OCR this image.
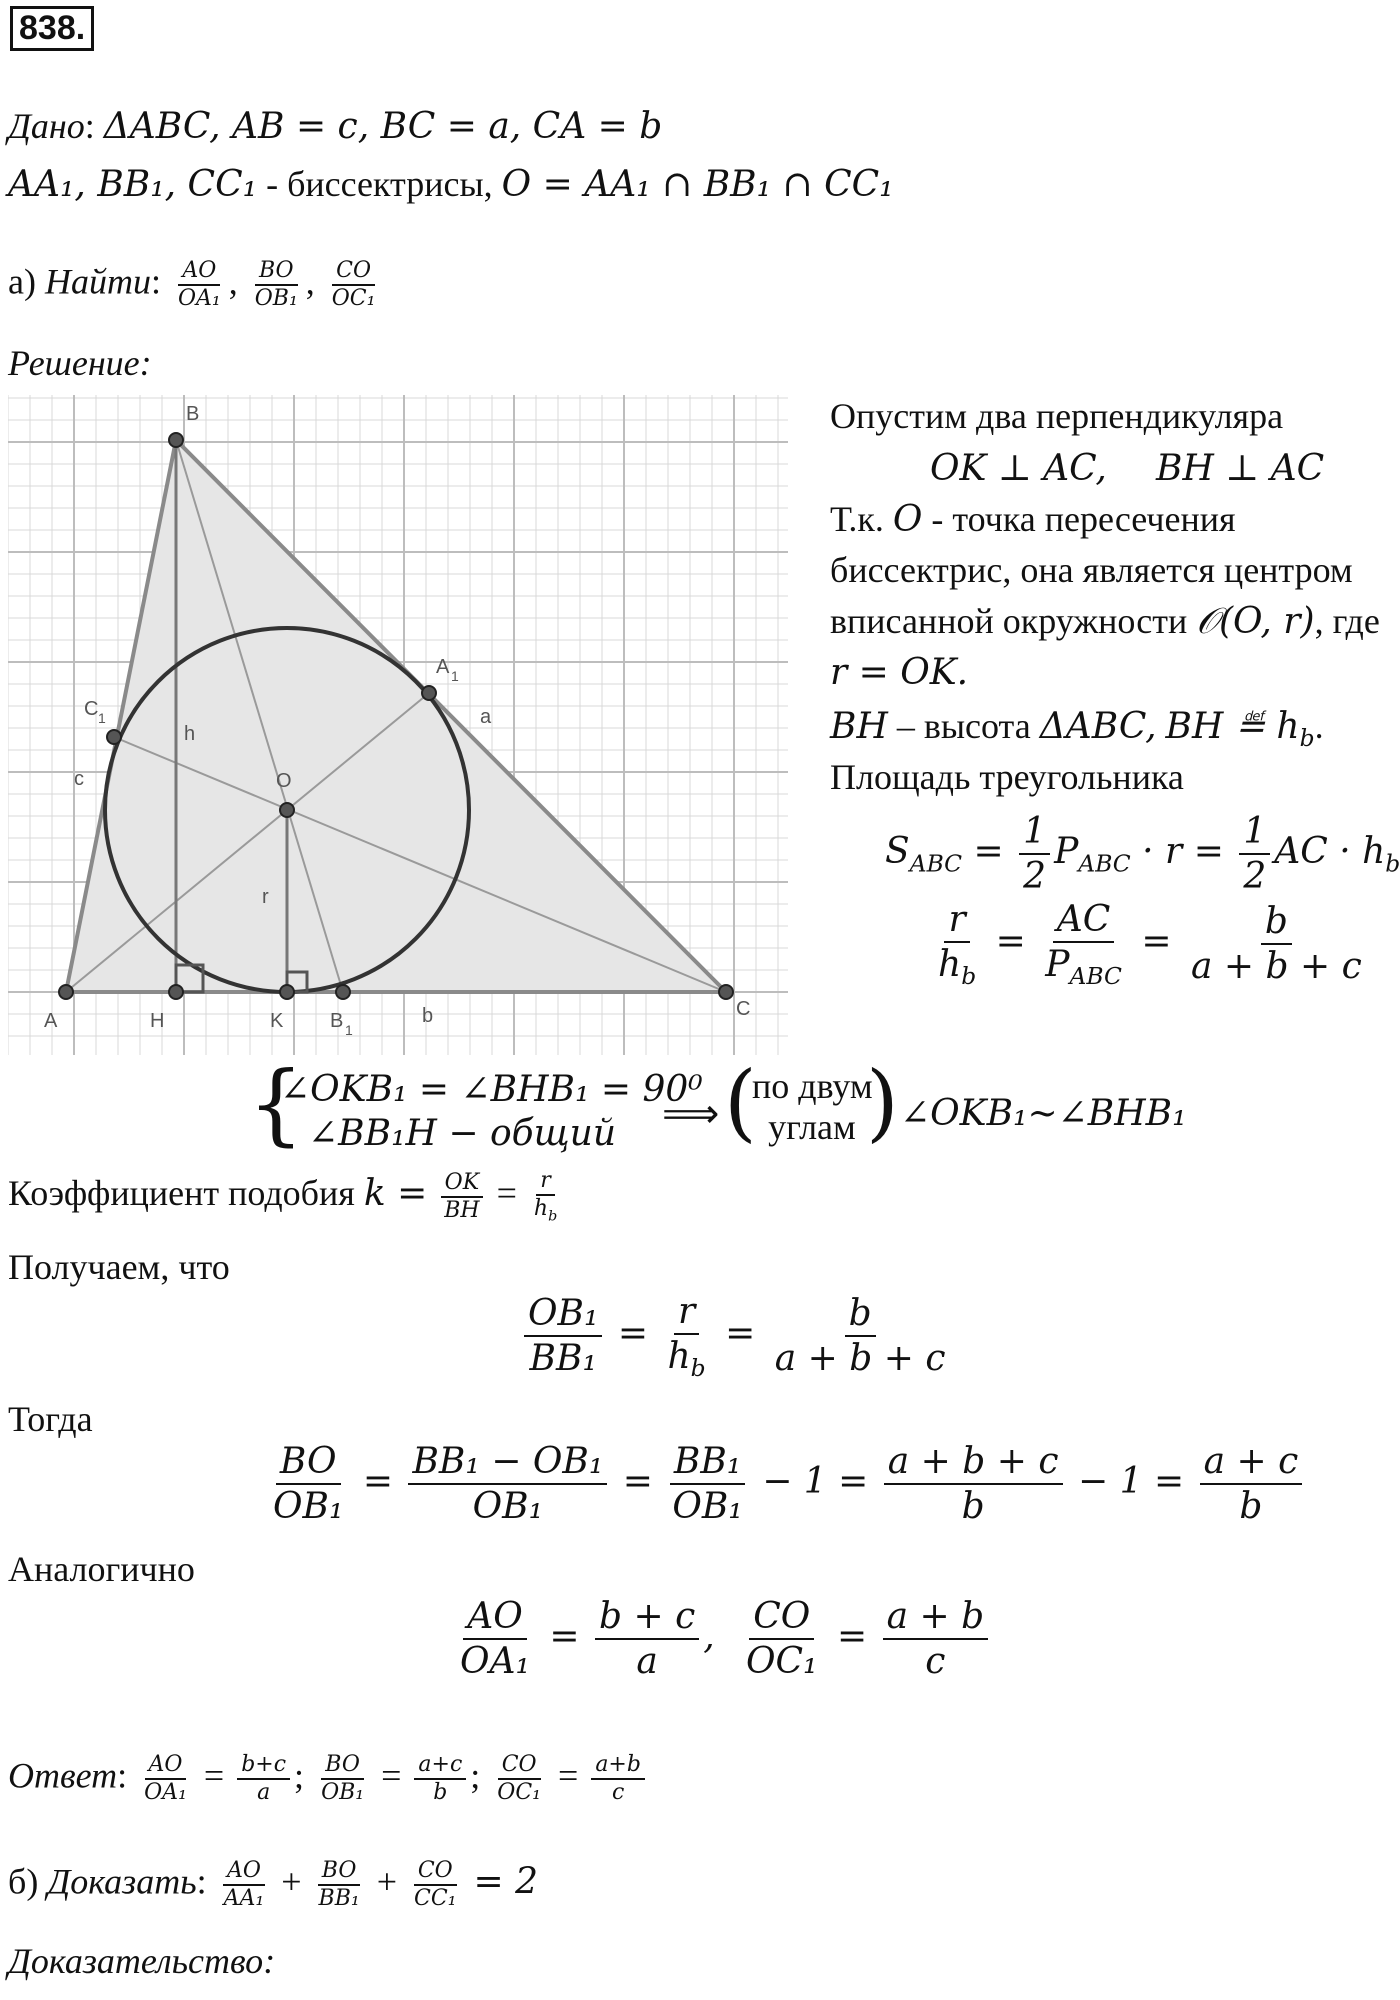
838.
Дано: ΔABC, AB = c, BC = a, CA = b
AA₁, BB₁, CC₁ - биссектрисы, O = AA₁ ∩ BB₁ ∩ CC₁
а) Найти: $\frac{AO}{\text{OA₁}}$ , $\frac{BO}{\text{OB₁}}$ , $\frac{CO}{\text{OC₁}}$
Решение:
B
A
C
O
H	K B 1
A 1
C 1	a
b
c
h
r
Опустим два перпендикуляра
OK ⊥ AC, BH ⊥ AC
Т.к. O - точка пересечения
биссектрис, она является центром
вписанной окружности 𝒪(O, r), где
r = OK.
BH – высота ΔABC, BH ≝ $h_b$.
Площадь треугольника
$S_{ABC} = \frac{1}{2} P_{ABC} \cdot r = \frac{1}{2}$ AC · $h_b$
$\frac{r}{h_b} = \frac{AC}{P_{ABC}} = \frac{b}{a + b + c}$
{
∠OKB₁ = ∠BHB₁ = 90⁰
∠BB₁H − общий ⟹ (
по двум
углам ) ∠OKB₁~∠BHB₁
Коэффициент подобия $k = \frac{OK}{BH} = \frac{r}{h_b}$
Получаем, что
$\frac{\text{OB₁}}{\text{BB₁}} = \frac{r}{h_b} = \frac{b}{a + b + c}$
Тогда
$\frac{BO}{\text{OB₁}} = \frac{\text{BB₁ − OB₁}}{\text{OB₁}} = \frac{\text{BB₁}}{\text{OB₁}} - 1 = \frac{a + b + c}{b} - 1 = \frac{a + c}{b}$
Аналогично
$\frac{AO}{\text{OA₁}} = \frac{b + c}{a}$ , $\frac{CO}{\text{OC₁}} = \frac{a + b}{c}$
Ответ: $\frac{AO}{\text{OA₁}} = \frac{b+c}{a}$ ; $\frac{BO}{\text{OB₁}} = \frac{a+c}{b}$ ; $\frac{CO}{\text{OC₁}} = \frac{a+b}{c}$
б) Доказать: $\frac{AO}{\text{AA₁}} + \frac{BO}{\text{BB₁}} + \frac{CO}{\text{CC₁}} = 2$
Доказательство:
